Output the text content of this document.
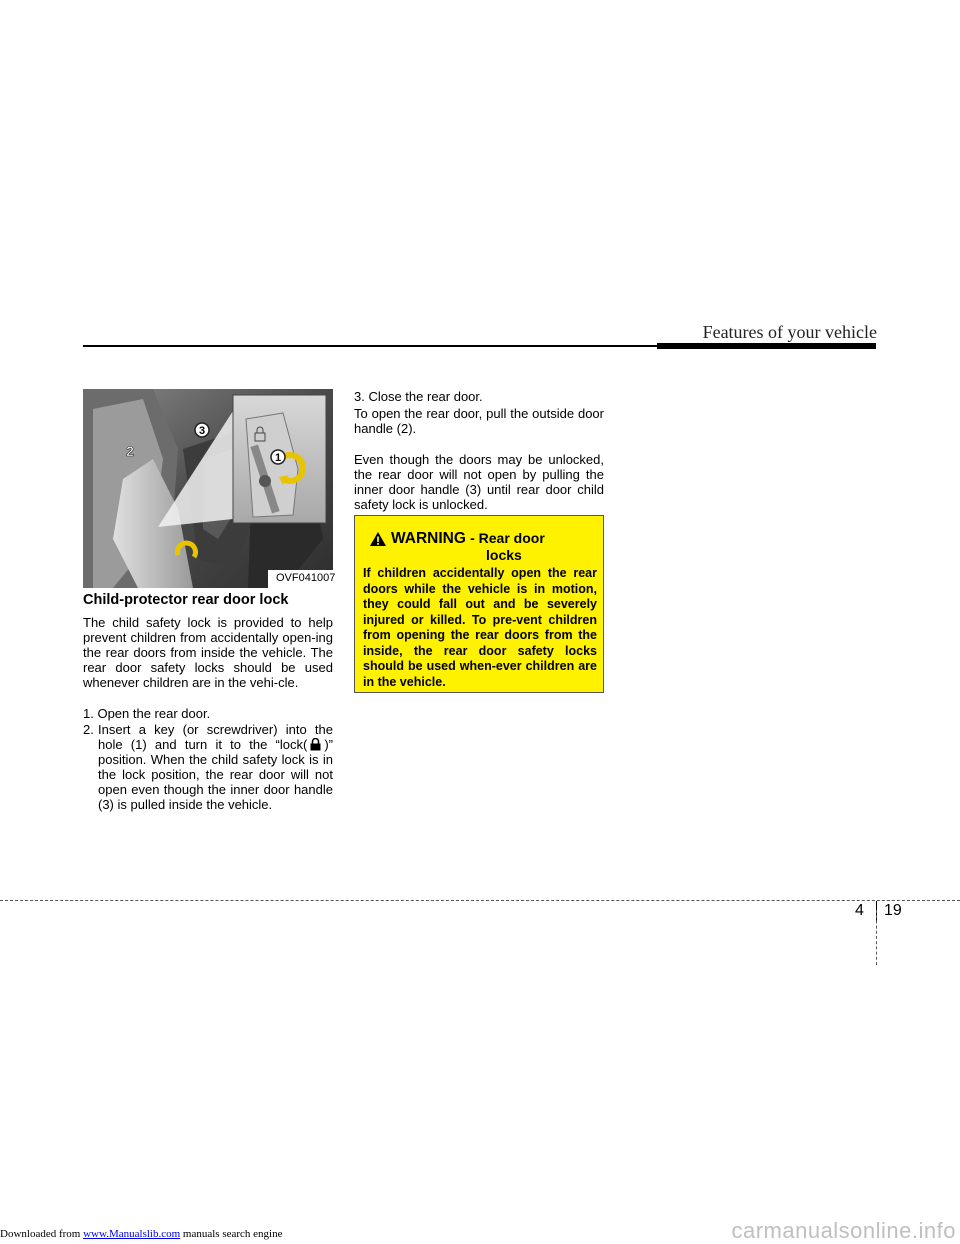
Features of your vehicle
1
2
3
OVF041007
Child-protector rear door lock
The child safety lock is provided to help prevent children from accidentally open-ing the rear doors from inside the vehicle. The rear door safety locks should be used whenever children are in the vehi-cle.
1. Open the rear door.
2. Insert a key (or screwdriver) into the hole (1) and turn it to the “lock( )” position. When the child safety lock is in the lock position, the rear door will not open even though the inner door handle (3) is pulled inside the vehicle.
3. Close the rear door.
To open the rear door, pull the outside door handle (2).
Even though the doors may be unlocked, the rear door will not open by pulling the inner door handle (3) until rear door child safety lock is unlocked.
WARNING - Rear door
locks
If children accidentally open the rear doors while the vehicle is in motion, they could fall out and be severely injured or killed. To pre-vent children from opening the rear doors from the inside, the rear door safety locks should be used when-ever children are in the vehicle.
4 19
Downloaded from www.Manualslib.com manuals search engine	carmanualsonline.info
